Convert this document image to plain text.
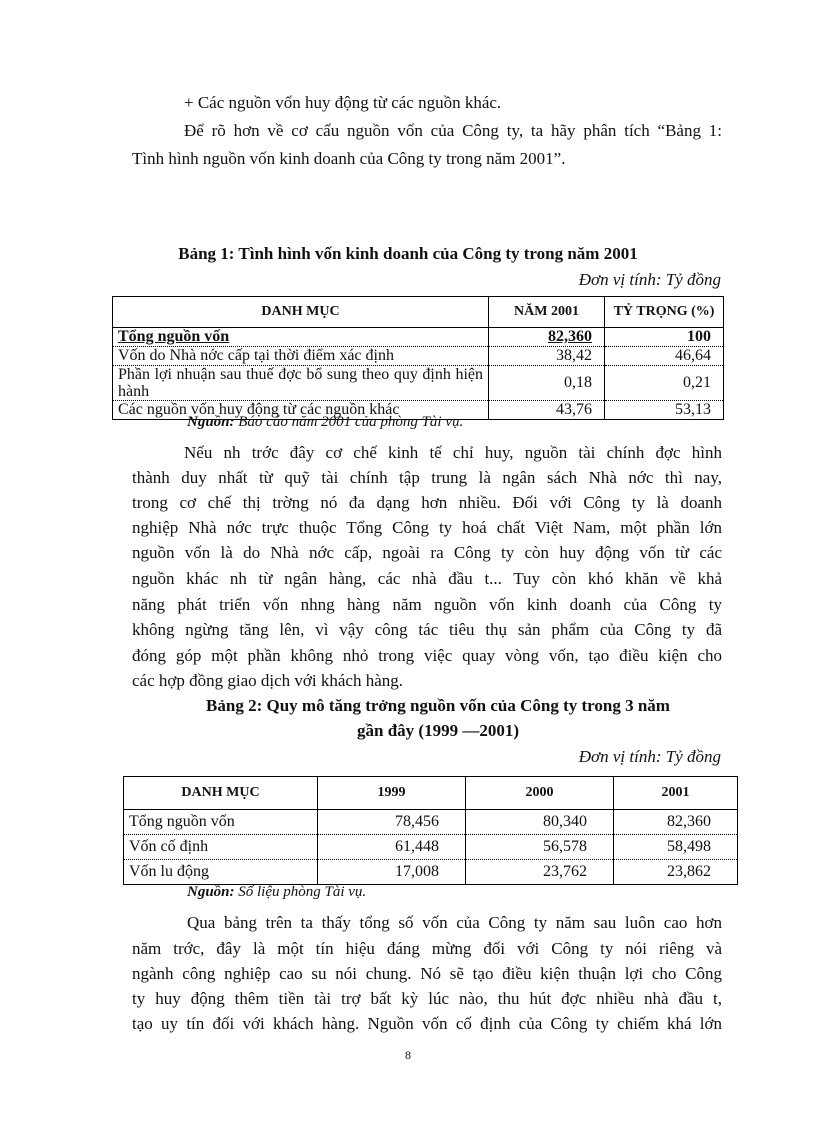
+ Các nguồn vốn huy động từ các nguồn khác.
Để rõ hơn về cơ cấu nguồn vốn của Công ty, ta hãy phân tích “Bảng 1:
Tình hình nguồn vốn kinh doanh của Công ty trong năm 2001”.
Bảng 1: Tình hình vốn kinh doanh của Công ty trong năm 2001
Đơn vị tính: Tỷ đồng
DANH MỤC	NĂM 2001	TỶ TRỌNG (%)
Tổng nguồn vốn	82,360	100
Vốn do Nhà nớc cấp tại thời điểm xác định	38,42	46,64
Phần lợi nhuận sau thuế đợc bổ sung theo quy định hiện hành	0,18	0,21
Các nguồn vốn huy động từ các nguồn khác	43,76	53,13
Nguồn: Báo cáo năm 2001 của phòng Tài vụ.
Nếu nh trớc đây cơ chế kinh tế chỉ huy, nguồn tài chính đợc hình
thành duy nhất từ quỹ tài chính tập trung là ngân sách Nhà nớc thì nay,
trong cơ chế thị trờng nó đa dạng hơn nhiều. Đối với Công ty là doanh
nghiệp Nhà nớc trực thuộc Tổng Công ty hoá chất Việt Nam, một phần lớn
nguồn vốn là do Nhà nớc cấp, ngoài ra Công ty còn huy động vốn từ các
nguồn khác nh từ ngân hàng, các nhà đầu t... Tuy còn khó khăn về khả
năng phát triển vốn nhng hàng năm nguồn vốn kinh doanh của Công ty
không ngừng tăng lên, vì vậy công tác tiêu thụ sản phẩm của Công ty đã
đóng góp một phần không nhỏ trong việc quay vòng vốn, tạo điều kiện cho
các hợp đồng giao dịch với khách hàng.
Bảng 2: Quy mô tăng trởng nguồn vốn của Công ty trong 3 năm
gần đây (1999 —2001)
Đơn vị tính: Tỷ đồng
DANH MỤC	1999	2000	2001
Tổng nguồn vốn	78,456	80,340	82,360
Vốn cố định	61,448	56,578	58,498
Vốn lu động	17,008	23,762	23,862
Nguồn: Số liệu phòng Tài vụ.
Qua bảng trên ta thấy tổng số vốn của Công ty năm sau luôn cao hơn
năm trớc, đây là một tín hiệu đáng mừng đối với Công ty nói riêng và
ngành công nghiệp cao su nói chung. Nó sẽ tạo điều kiện thuận lợi cho Công
ty huy động thêm tiền tài trợ bất kỳ lúc nào, thu hút đợc nhiều nhà đầu t,
tạo uy tín đối với khách hàng. Nguồn vốn cố định của Công ty chiếm khá lớn
8
